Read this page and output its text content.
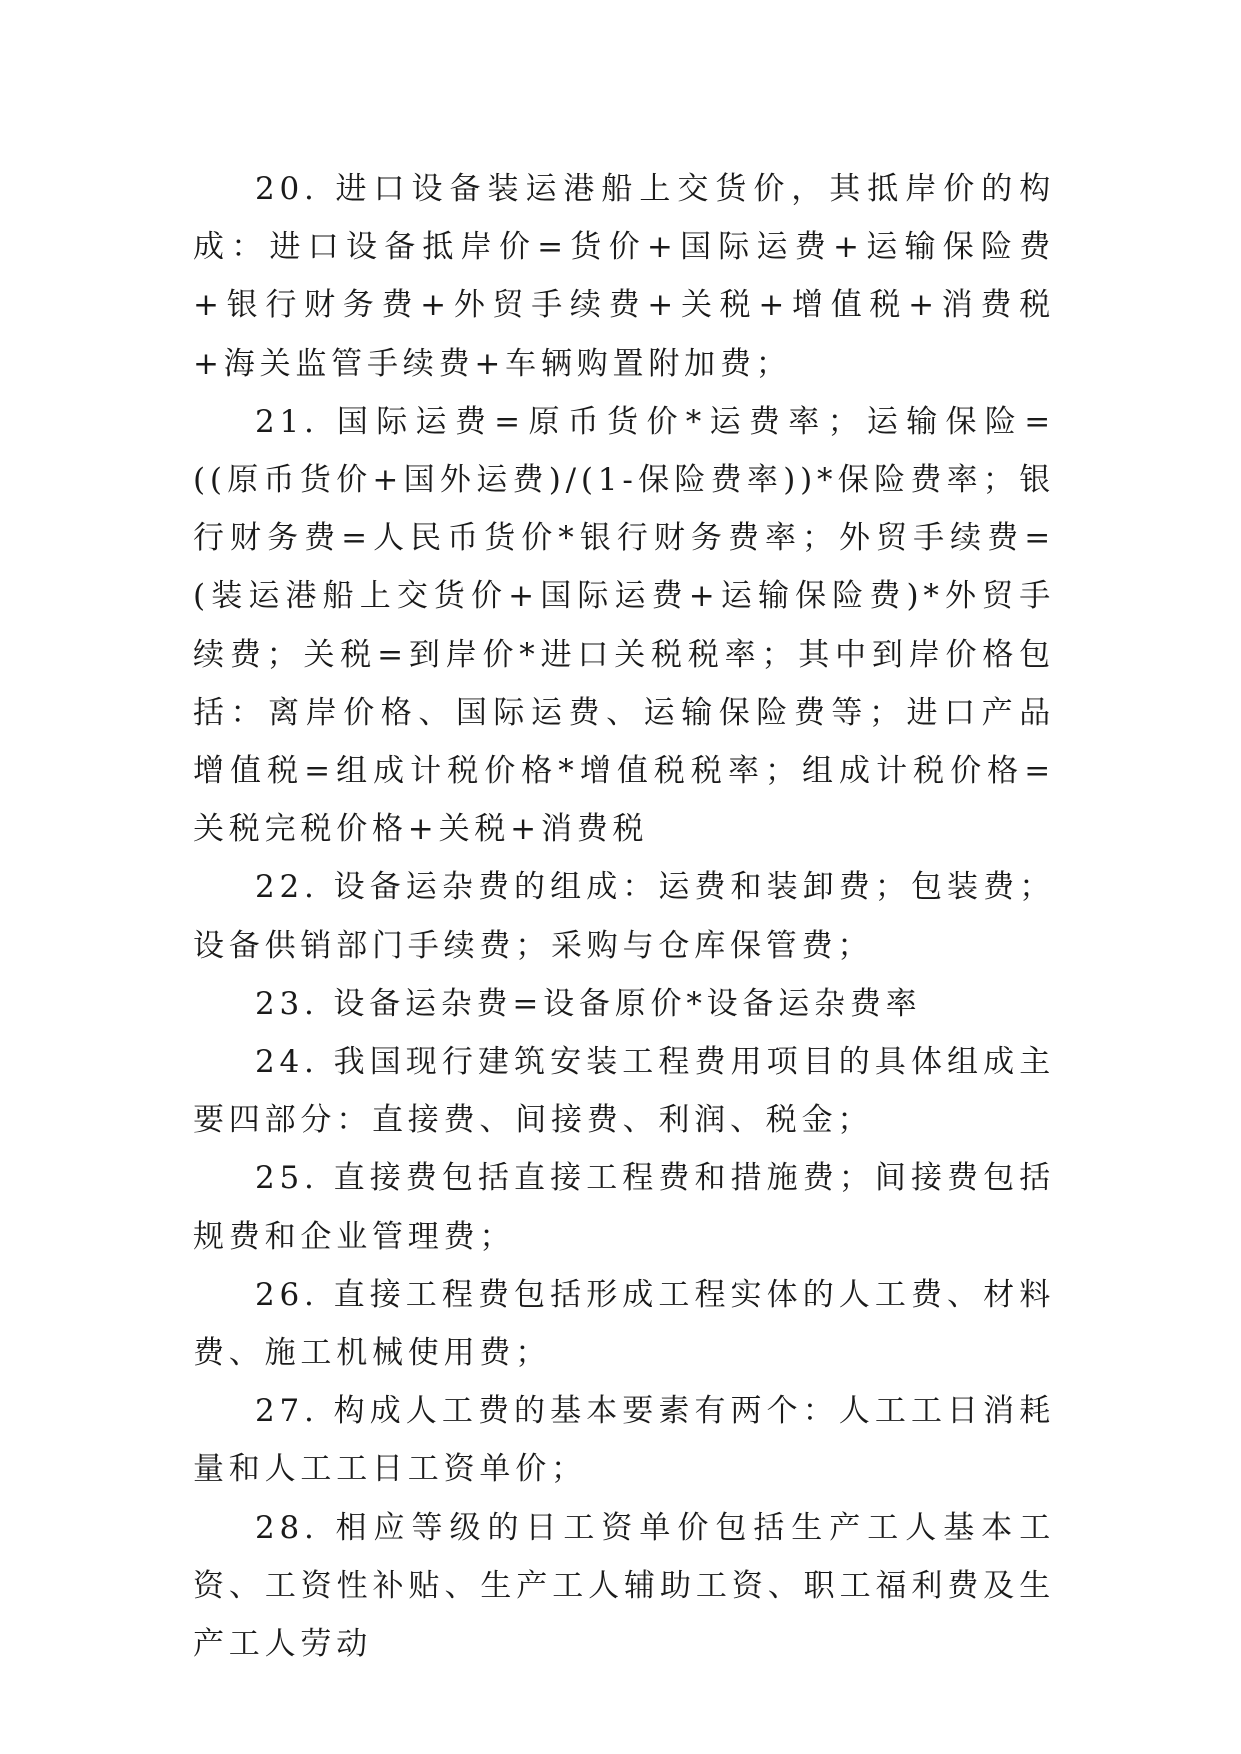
20. 进口设备装运港船上交货价，其抵岸价的构成：进口设备抵岸价=货价+国际运费+运输保险费+银行财务费+外贸手续费+关税+增值税+消费税+海关监管手续费+车辆购置附加费；

21. 国际运费=原币货价*运费率；运输保险=((原币货价+国外运费)/(1-保险费率))*保险费率；银行财务费=人民币货价*银行财务费率；外贸手续费= (装运港船上交货价+国际运费+运输保险费)*外贸手续费；关税=到岸价*进口关税税率；其中到岸价格包括：离岸价格、国际运费、运输保险费等；进口产品 增值税=组成计税价格*增值税税率；组成计税价格=关税完税价格+关税+消费税

22. 设备运杂费的组成：运费和装卸费；包装费；设备供销部门手续费；采购与仓库保管费；

23. 设备运杂费=设备原价*设备运杂费率

24. 我国现行建筑安装工程费用项目的具体组成主要四部分：直接费、间接费、利润、税金；

25. 直接费包括直接工程费和措施费；间接费包括规费和企业管理费；

26. 直接工程费包括形成工程实体的人工费、材料费、施工机械使用费；

27. 构成人工费的基本要素有两个：人工工日消耗量和人工工日工资单价；

28. 相应等级的日工资单价包括生产工人基本工资、工资性补贴、生产工人辅助工资、职工福利费及生产工人劳动
